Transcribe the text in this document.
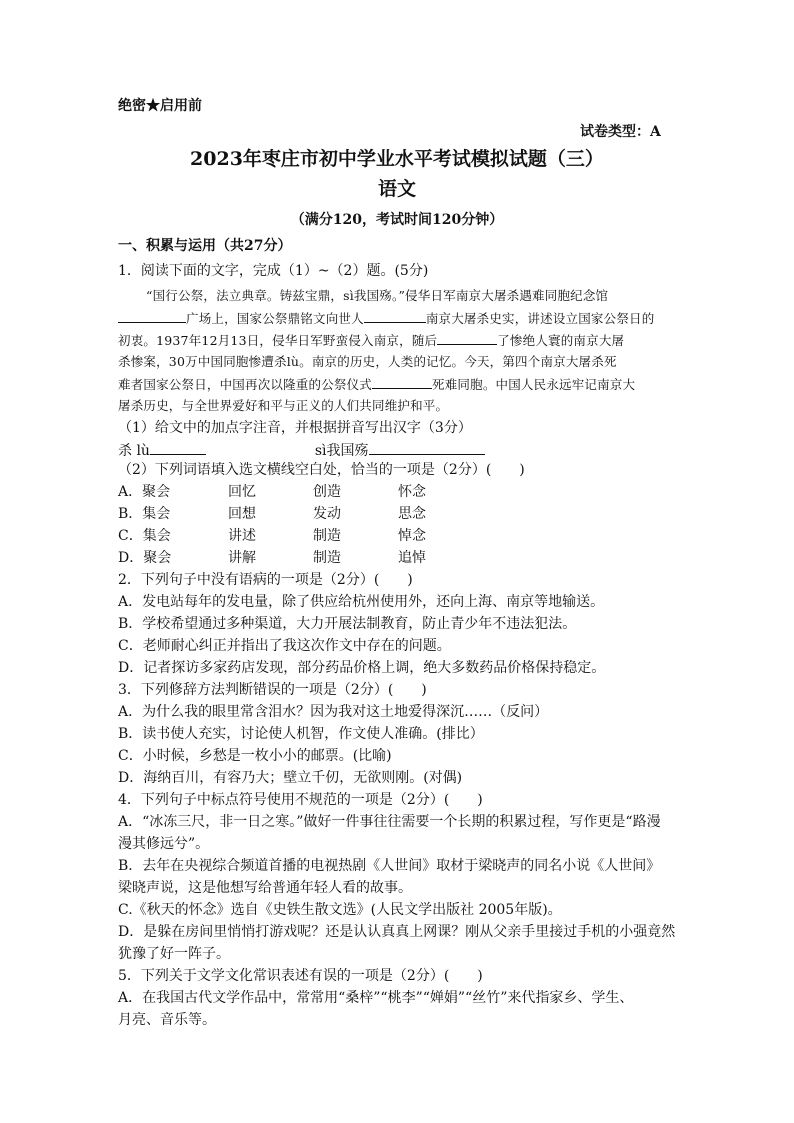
绝密★启用前
试卷类型：A
2023年枣庄市初中学业水平考试模拟试题（三）
语文
（满分120，考试时间120分钟）
一、积累与运用（共27分）
1．阅读下面的文字，完成（1）~（2）题。(5分)
“国行公祭，法立典章。铸兹宝鼎，sì我国殇。”侵华日军南京大屠杀遇难同胞纪念馆
广场上，国家公祭鼎铭文向世人	南京大屠杀史实，讲述设立国家公祭日的
初衷。1937年12月13日，侵华日军野蛮侵入南京，随后	了惨绝人寰的南京大屠
杀惨案，30万中国同胞惨遭杀lù。南京的历史，人类的记忆。今天，第四个南京大屠杀死
难者国家公祭日，中国再次以隆重的公祭仪式	死难同胞。中国人民永远牢记南京大
屠杀历史，与全世界爱好和平与正义的人们共同维护和平。
（1）给文中的加点字注音，并根据拼音写出汉字（3分）
杀 lù	sì我国殇
（2）下列词语填入选文横线空白处，恰当的一项是（2分）(　　)
A．聚会	回忆	创造	怀念
B．集会	回想	发动	思念
C．集会	讲述	制造	悼念
D．聚会	讲解	制造	追悼
2．下列句子中没有语病的一项是（2分）(　　)
A．发电站每年的发电量，除了供应给杭州使用外，还向上海、南京等地输送。
B．学校希望通过多种渠道，大力开展法制教育，防止青少年不违法犯法。
C．老师耐心纠正并指出了我这次作文中存在的问题。
D．记者探访多家药店发现，部分药品价格上调，绝大多数药品价格保持稳定。
3．下列修辞方法判断错误的一项是（2分）(　　)
A．为什么我的眼里常含泪水？因为我对这土地爱得深沉……（反问）
B．读书使人充实，讨论使人机智，作文使人准确。(排比）
C．小时候，乡愁是一枚小小的邮票。(比喻)
D．海纳百川，有容乃大；壁立千仞，无欲则刚。(对偶)
4．下列句子中标点符号使用不规范的一项是（2分）(　　)
A．“冰冻三尺，非一日之寒。”做好一件事往往需要一个长期的积累过程，写作更是“路漫
漫其修远兮”。
B．去年在央视综合频道首播的电视热剧《人世间》取材于梁晓声的同名小说《人世间》
梁晓声说，这是他想写给普通年轻人看的故事。
C.《秋天的怀念》选自《史铁生散文选》(人民文学出版社 2005年版)。
D．是躲在房间里悄悄打游戏呢？还是认认真真上网课？刚从父亲手里接过手机的小强竟然
犹豫了好一阵子。
5．下列关于文学文化常识表述有误的一项是（2分）(　　)
A．在我国古代文学作品中，常常用“桑梓”“桃李”“婵娟”“丝竹”来代指家乡、学生、
月亮、音乐等。
